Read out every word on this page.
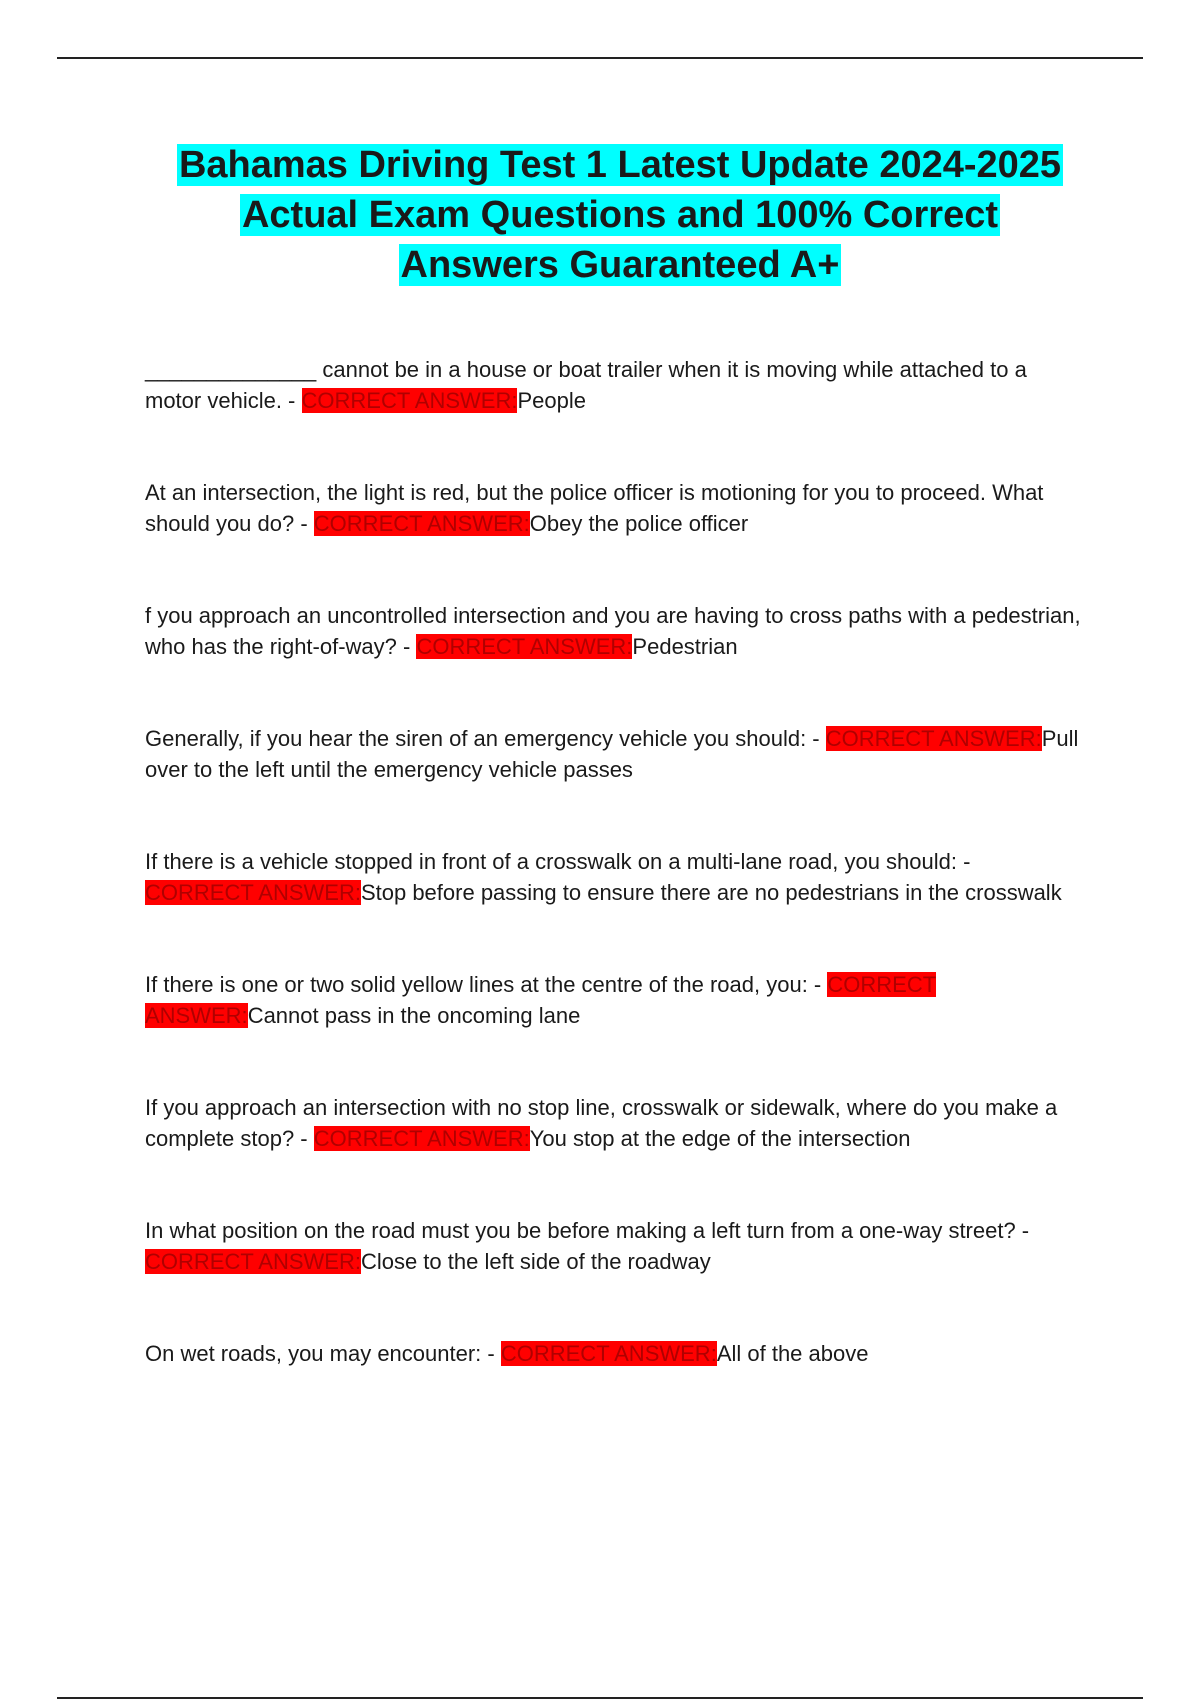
Bahamas Driving Test 1 Latest Update 2024-2025
Actual Exam Questions and 100% Correct
Answers Guaranteed A+
______________ cannot be in a house or boat trailer when it is moving while attached to a motor vehicle. - CORRECT ANSWER:People
At an intersection, the light is red, but the police officer is motioning for you to proceed. What should you do? - CORRECT ANSWER:Obey the police officer
f you approach an uncontrolled intersection and you are having to cross paths with a pedestrian, who has the right-of-way? - CORRECT ANSWER:Pedestrian
Generally, if you hear the siren of an emergency vehicle you should: - CORRECT ANSWER:Pull over to the left until the emergency vehicle passes
If there is a vehicle stopped in front of a crosswalk on a multi-lane road, you should: - CORRECT ANSWER:Stop before passing to ensure there are no pedestrians in the crosswalk
If there is one or two solid yellow lines at the centre of the road, you: - CORRECT ANSWER:Cannot pass in the oncoming lane
If you approach an intersection with no stop line, crosswalk or sidewalk, where do you make a complete stop? - CORRECT ANSWER:You stop at the edge of the intersection
In what position on the road must you be before making a left turn from a one-way street? - CORRECT ANSWER:Close to the left side of the roadway
On wet roads, you may encounter: - CORRECT ANSWER:All of the above
